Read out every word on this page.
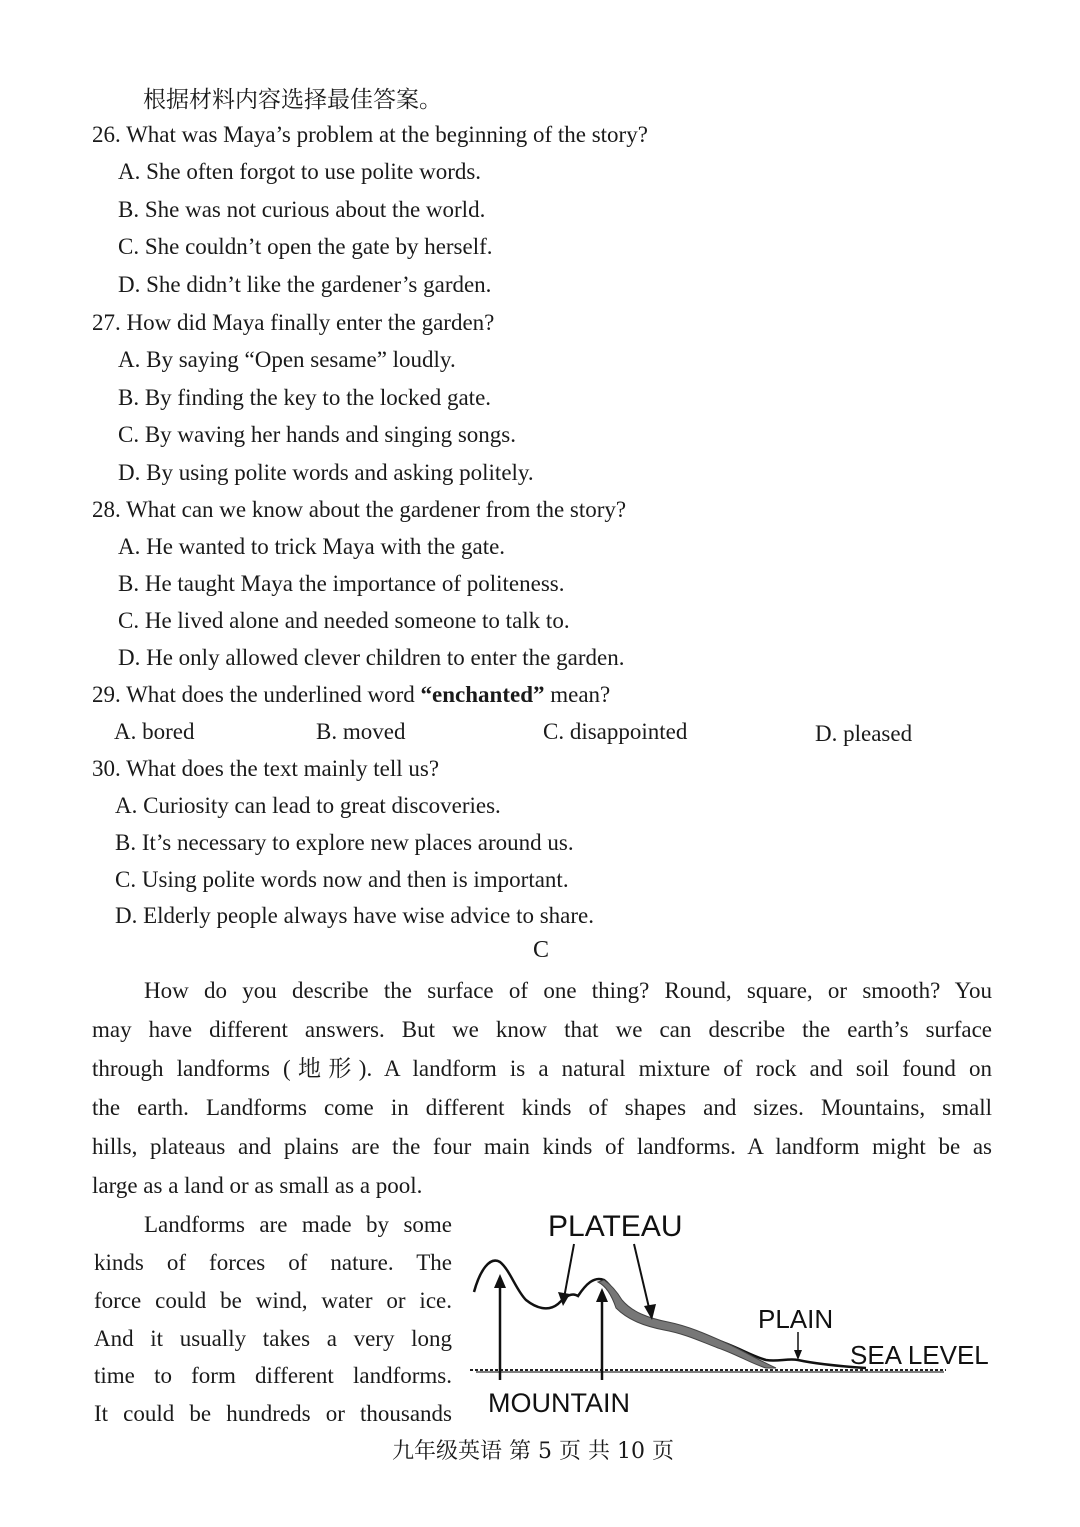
根据材料内容选择最佳答案。
26. What was Maya’s problem at the beginning of the story?
A. She often forgot to use polite words.
B. She was not curious about the world.
C. She couldn’t open the gate by herself.
D. She didn’t like the gardener’s garden.
27. How did Maya finally enter the garden?
A. By saying “Open sesame” loudly.
B. By finding the key to the locked gate.
C. By waving her hands and singing songs.
D. By using polite words and asking politely.
28. What can we know about the gardener from the story?
A. He wanted to trick Maya with the gate.
B. He taught Maya the importance of politeness.
C. He lived alone and needed someone to talk to.
D. He only allowed clever children to enter the garden.
29. What does the underlined word “enchanted” mean?
A. bored	B. moved	C. disappointed	D. pleased
30. What does the text mainly tell us?
A. Curiosity can lead to great discoveries.
B. It’s necessary to explore new places around us.
C. Using polite words now and then is important.
D. Elderly people always have wise advice to share.
C
How do you describe the surface of one thing? Round, square, or smooth? You
may have different answers. But we know that we can describe the earth’s surface
through landforms (地形). A landform is a natural mixture of rock and soil found on
the earth. Landforms come in different kinds of shapes and sizes. Mountains, small
hills, plateaus and plains are the four main kinds of landforms. A landform might be as
large as a land or as small as a pool.
Landforms are made by some
kinds of forces of nature. The
force could be wind, water or ice.
And it usually takes a very long
time to form different landforms.
It could be hundreds or thousands
PLATEAU
PLAIN
SEA LEVEL
MOUNTAIN
九年级英语 第 5 页 共 10 页
